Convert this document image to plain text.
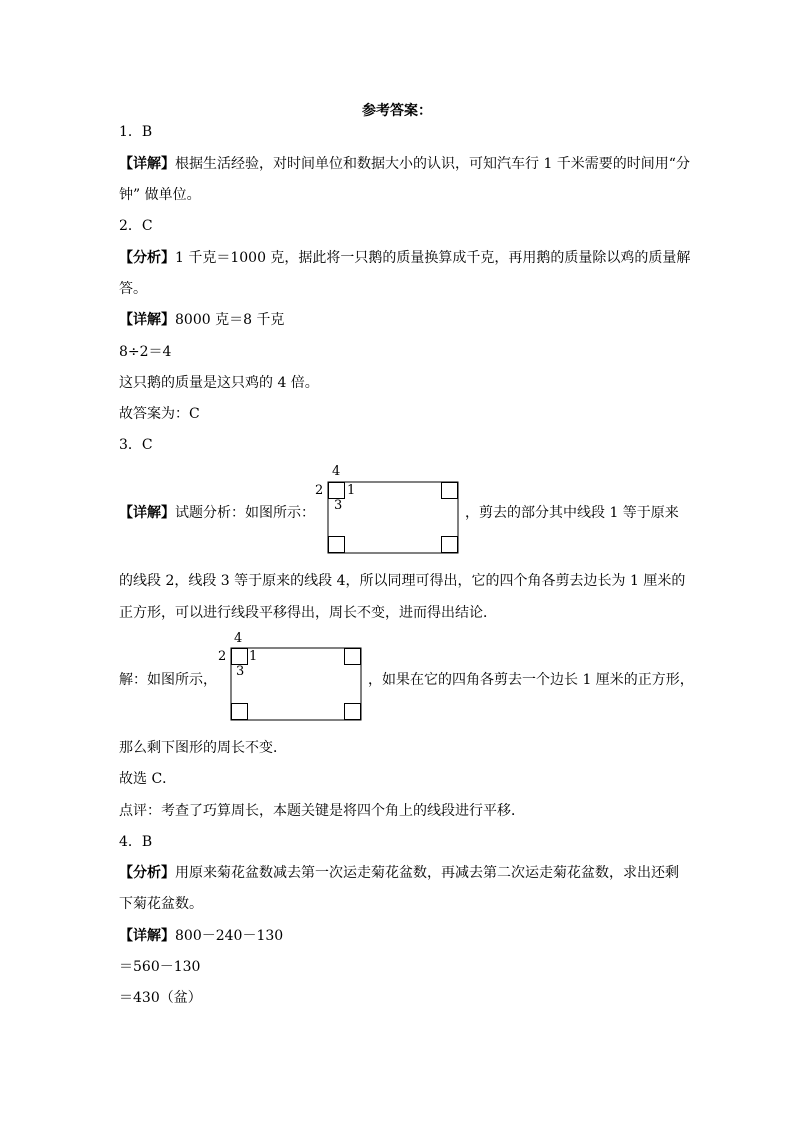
参考答案：
1．B
【详解】根据生活经验，对时间单位和数据大小的认识，可知汽车行 1 千米需要的时间用“分
钟” 做单位。
2．C
【分析】1 千克＝1000 克，据此将一只鹅的质量换算成千克，再用鹅的质量除以鸡的质量解
答。
【详解】8000 克＝8 千克
8÷2＝4
这只鹅的质量是这只鸡的 4 倍。
故答案为：C
3．C
【详解】试题分析：如图所示：
4
2 1
3	，剪去的部分其中线段 1 等于原来
的线段 2，线段 3 等于原来的线段 4，所以同理可得出，它的四个角各剪去边长为 1 厘米的
正方形，可以进行线段平移得出，周长不变，进而得出结论．
解：如图所示，
4
2 1
3
，如果在它的四角各剪去一个边长 1 厘米的正方形，
那么剩下图形的周长不变．
故选 C．
点评：考查了巧算周长，本题关键是将四个角上的线段进行平移．
4．B
【分析】用原来菊花盆数减去第一次运走菊花盆数，再减去第二次运走菊花盆数，求出还剩
下菊花盆数。
【详解】800－240－130
＝560－130
＝430（盆）
